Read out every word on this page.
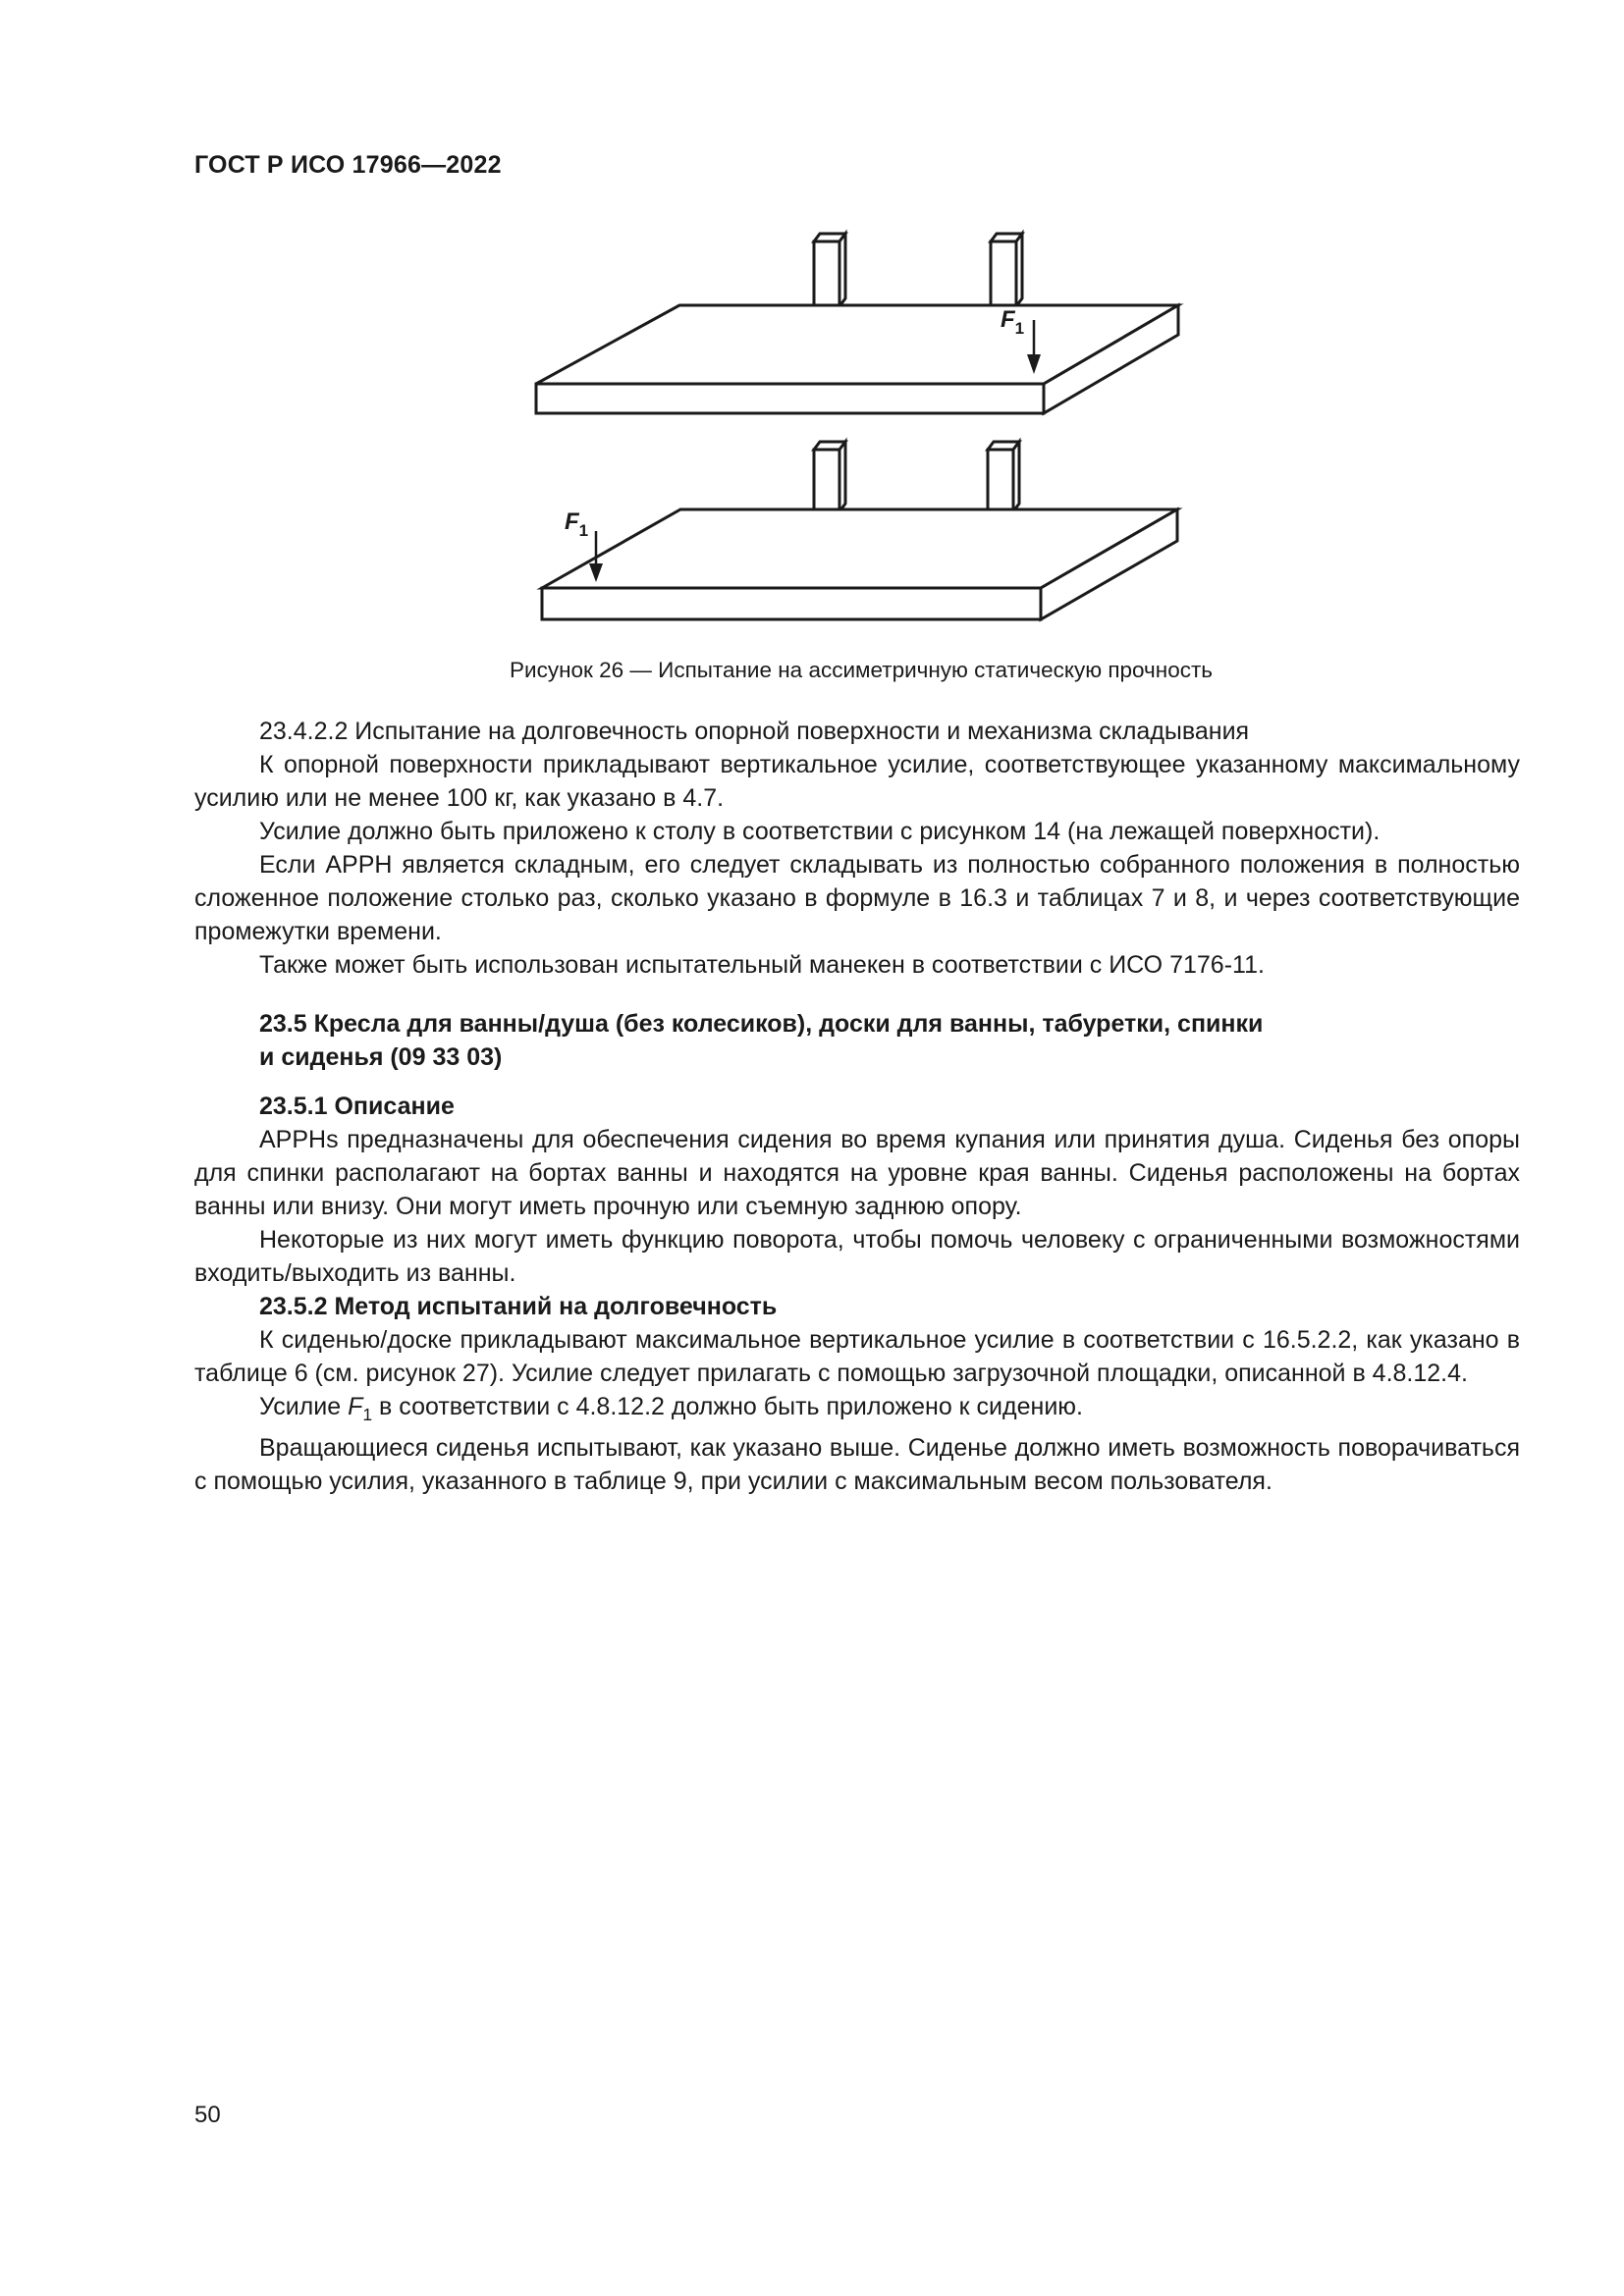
ГОСТ Р ИСО 17966—2022
$F_1$
$F_1$
Рисунок 26 — Испытание на ассиметричную статическую прочность

23.4.2.2 Испытание на долговечность опорной поверхности и механизма складывания

К опорной поверхности прикладывают вертикальное усилие, соответствующее указанному максимальному усилию или не менее 100 кг, как указано в 4.7.

Усилие должно быть приложено к столу в соответствии с рисунком 14 (на лежащей поверхности).

Если АРРН является складным, его следует складывать из полностью собранного положения в полностью сложенное положение столько раз, сколько указано в формуле в 16.3 и таблицах 7 и 8, и через соответствующие промежутки времени.

Также может быть использован испытательный манекен в соответствии с ИСО 7176-11.

23.5 Кресла для ванны/душа (без колесиков), доски для ванны, табуретки, спинки
и сиденья (09 33 03)
23.5.1 Описание

APPHs предназначены для обеспечения сидения во время купания или принятия душа. Сиденья без опоры для спинки располагают на бортах ванны и находятся на уровне края ванны. Сиденья расположены на бортах ванны или внизу. Они могут иметь прочную или съемную заднюю опору.

Некоторые из них могут иметь функцию поворота, чтобы помочь человеку с ограниченными возможностями входить/выходить из ванны.

23.5.2 Метод испытаний на долговечность

К сиденью/доске прикладывают максимальное вертикальное усилие в соответствии с 16.5.2.2, как указано в таблице 6 (см. рисунок 27). Усилие следует прилагать с помощью загрузочной площадки, описанной в 4.8.12.4.

Усилие $F_1$ в соответствии с 4.8.12.2 должно быть приложено к сидению.

Вращающиеся сиденья испытывают, как указано выше. Сиденье должно иметь возможность поворачиваться с помощью усилия, указанного в таблице 9, при усилии с максимальным весом пользователя.

50
